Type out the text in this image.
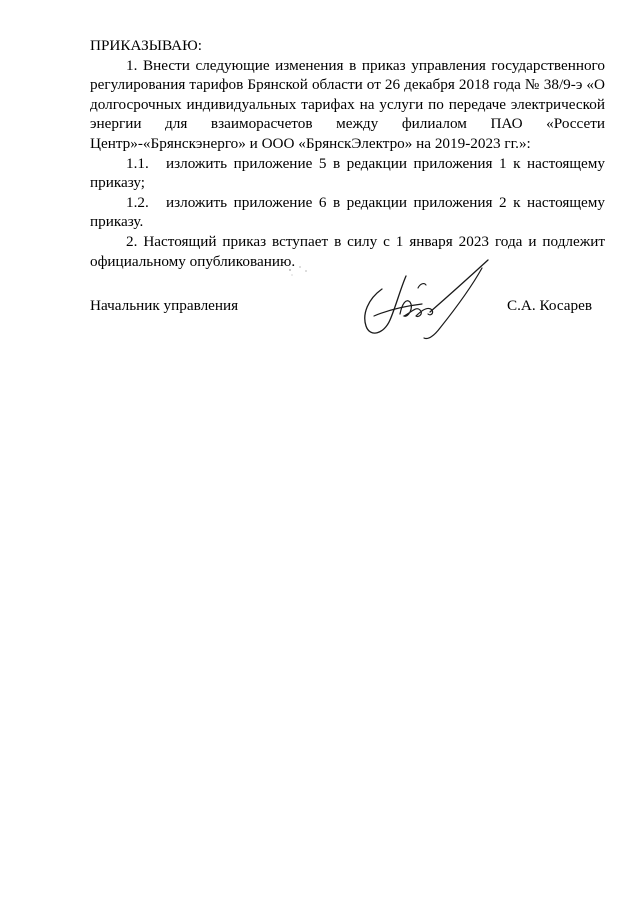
ПРИКАЗЫВАЮ:

1. Внести следующие изменения в приказ управления государственного регулирования тарифов Брянской области от 26 декабря 2018 года № 38/9-э «О долгосрочных индивидуальных тарифах на услуги по передаче электрической энергии для взаиморасчетов между филиалом ПАО «Россети Центр»-«Брянскэнерго» и ООО «БрянскЭлектро» на 2019-2023 гг.»:

1.1. изложить приложение 5 в редакции приложения 1 к настоящему приказу;

1.2. изложить приложение 6 в редакции приложения 2 к настоящему приказу.

2. Настоящий приказ вступает в силу с 1 января 2023 года и подлежит официальному опубликованию.

Начальник управления	С.А. Косарев
